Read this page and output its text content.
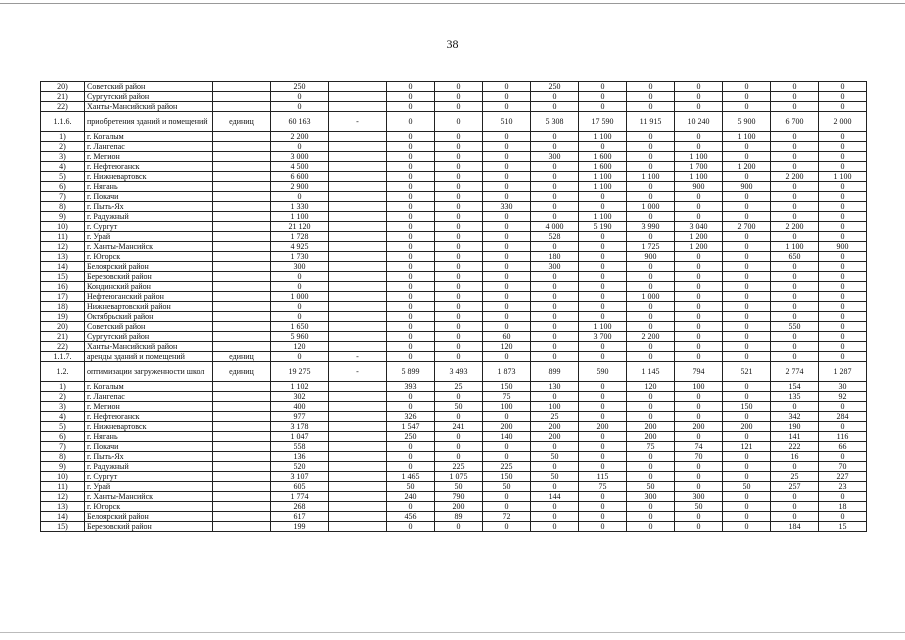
38
20)	Советский район		250		0	0	0	250	0	0	0	0	0	0
21)	Сургутский район		0		0	0	0	0	0	0	0	0	0	0
22)	Ханты-Мансийский район		0		0	0	0	0	0	0	0	0	0	0
1.1.6.	приобретения зданий и помещений	единиц	60 163	-	0	0	510	5 308	17 590	11 915	10 240	5 900	6 700	2 000
1)	г. Когалым		2 200		0	0	0	0	1 100	0	0	1 100	0	0
2)	г. Лангепас		0		0	0	0	0	0	0	0	0	0	0
3)	г. Мегион		3 000		0	0	0	300	1 600	0	1 100	0	0	0
4)	г. Нефтеюганск		4 500		0	0	0	0	1 600	0	1 700	1 200	0	0
5)	г. Нижневартовск		6 600		0	0	0	0	1 100	1 100	1 100	0	2 200	1 100
6)	г. Нягань		2 900		0	0	0	0	1 100	0	900	900	0	0
7)	г. Покачи		0		0	0	0	0	0	0	0	0	0	0
8)	г. Пыть-Ях		1 330		0	0	330	0	0	1 000	0	0	0	0
9)	г. Радужный		1 100		0	0	0	0	1 100	0	0	0	0	0
10)	г. Сургут		21 120		0	0	0	4 000	5 190	3 990	3 040	2 700	2 200	0
11)	г. Урай		1 728		0	0	0	528	0	0	1 200	0	0	0
12)	г. Ханты-Мансийск		4 925		0	0	0	0	0	1 725	1 200	0	1 100	900
13)	г. Югорск		1 730		0	0	0	180	0	900	0	0	650	0
14)	Белоярский район		300		0	0	0	300	0	0	0	0	0	0
15)	Березовский район		0		0	0	0	0	0	0	0	0	0	0
16)	Кондинский район		0		0	0	0	0	0	0	0	0	0	0
17)	Нефтеюганский район		1 000		0	0	0	0	0	1 000	0	0	0	0
18)	Нижневартовский район		0		0	0	0	0	0	0	0	0	0	0
19)	Октябрьский район		0		0	0	0	0	0	0	0	0	0	0
20)	Советский район		1 650		0	0	0	0	1 100	0	0	0	550	0
21)	Сургутский район		5 960		0	0	60	0	3 700	2 200	0	0	0	0
22)	Ханты-Мансийский район		120		0	0	120	0	0	0	0	0	0	0
1.1.7.	аренды зданий и помещений	единиц	0	-	0	0	0	0	0	0	0	0	0	0
1.2.	оптимизации загруженности школ	единиц	19 275	-	5 899	3 493	1 873	899	590	1 145	794	521	2 774	1 287
1)	г. Когалым		1 102		393	25	150	130	0	120	100	0	154	30
2)	г. Лангепас		302		0	0	75	0	0	0	0	0	135	92
3)	г. Мегион		400		0	50	100	100	0	0	0	150	0	0
4)	г. Нефтеюганск		977		326	0	0	25	0	0	0	0	342	284
5)	г. Нижневартовск		3 178		1 547	241	200	200	200	200	200	200	190	0
6)	г. Нягань		1 047		250	0	140	200	0	200	0	0	141	116
7)	г. Покачи		558		0	0	0	0	0	75	74	121	222	66
8)	г. Пыть-Ях		136		0	0	0	50	0	0	70	0	16	0
9)	г. Радужный		520		0	225	225	0	0	0	0	0	0	70
10)	г. Сургут		3 107		1 465	1 075	150	50	115	0	0	0	25	227
11)	г. Урай		605		50	50	50	0	75	50	0	50	257	23
12)	г. Ханты-Мансийск		1 774		240	790	0	144	0	300	300	0	0	0
13)	г. Югорск		268		0	200	0	0	0	0	50	0	0	18
14)	Белоярский район		617		456	89	72	0	0	0	0	0	0	0
15)	Березовский район		199		0	0	0	0	0	0	0	0	184	15
